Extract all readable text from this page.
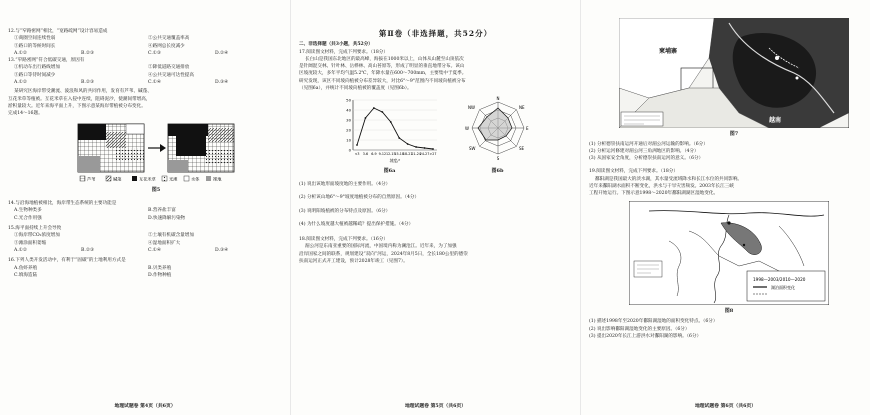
12.与“窄路密网”相比，“宽路疏网”设计容易造成
①商圈空间连续性弱	②公共交通覆盖率高
③路口的等候时间长	④路网总长度减少
A.①②	B.②③	C.①③	D.②④
13.“窄路密网”符合低碳交通，原因有
①机动车出行路线增加	②降低道路交通排放
③路口等待时间减少	④公共交通可达性提高
A.①②	B.②③	C.①④	D.③④
某研究区海岸带受潮流、波浪和风的共同作用，发育有芦苇、碱蓬、
互花米草等植被。互花米草在入侵中连续，阻碍泥沙，使潮间带增高，
淤积量较大。近年来海平面上升，下图示意某海岸带植被分布变化。
完成14～16题。
芦苇	碱蓬	互花米草	光滩	水体	裸地
图5
14.与沿海地植被相比，海岸带生态系统的主要功能是
A.生物种类多	B.营养盐丰富
C.光合作用强	D.快速降解污染物
15.海平面持续上升会导致
①海岸带CO₂浓度增加	②土壤有机碳含量增加
③滩涂面积萎缩	④湿地面积扩大
A.①②	B.②③	C.①④	D.③④
16.下列人类开发活动中，有利于“固碳”的土地利用方式是
A.鱼虾养殖	B.贝类养殖
C.填海造陆	D.作物种植
地理试题卷 第4页（共6页）
第Ⅱ卷（非选择题，共52分）
二、非选择题（共3小题，共52分）
17.阅读图文材料，完成下列要求。（18分）
长白山是我国东北地区的最高峰，海拔在1000米以上，山体从山麓至山顶依次
是针阔混交林、针叶林、岳桦林、高山苔原等，形成了明显的垂直地带分布。该山
区坡度较大，多年平均气温5.2℃，年降水量在600～700mm，主要集中于夏季。
研究发现，该区不同坡向植被分布差异较大，对比6°～9°范围内不同坡向植被分布
（见图6a），并统计不同坡向植被的覆盖度（见图6b）。
0
10
20
30
40
50
<3 3-6 6-9 9-12 12-15
15-18
18-21
21-24
24-27 >27
坡度/°
图6a
N
NE
E
SE
S
SW
W
NW
图6b
(1) 说出该地形面坡度地的主要作用。（4分）
(2) 分析该山地6°～9°坡度地植被分布的自然原因。（4分）
(3) 说明阳坡植被的分布特点及原因。（6分）
(4) 为什么坡度越大植被越稀疏？提出保护措施。（4分）
18.阅读图文材料，完成下列要求。（16分）
湄公河是东南亚重要的国际河流，中国境内称为澜沧江。近年来，为了加强
沿岸国家之间的联系，规划建设“双向”河运，2024年8月5日，全长180公里的德崇
扶南运河正式开工建设，预计2028年竣工（见图7）。
地理试题卷 第5页（共6页）
柬埔寨
越南
图7
(1) 分析德崇扶南运河开通后对湄公河运输的影响。（6分）
(2) 分析运河修建对湄公河三角洲地区的影响。（4分）
(3) 从国家安全角度，分析德崇扶南运河的意义。（6分）
19.阅读图文材料，完成下列要求。（18分）
鄱阳湖是我国最大的淡水湖，其水量受流域降水和长江水位的共同影响。
近年来鄱阳湖水面积不断变化，洪水与干旱灾害频发。2003年长江三峡
工程开始运行。下图示意1998～2020年鄱阳湖湖区湿地变化。
1998—2003/2010—2020
湖泊面积变化
图8
(1) 描述1998年至2020年鄱阳湖湿地的面积变化特点。（6分）
(2) 说出影响鄱阳湖湿地变化的主要原因。（6分）
(3) 提出2020年长江上游洪水对鄱阳湖的影响。（6分）
地理试题卷 第6页（共6页）
